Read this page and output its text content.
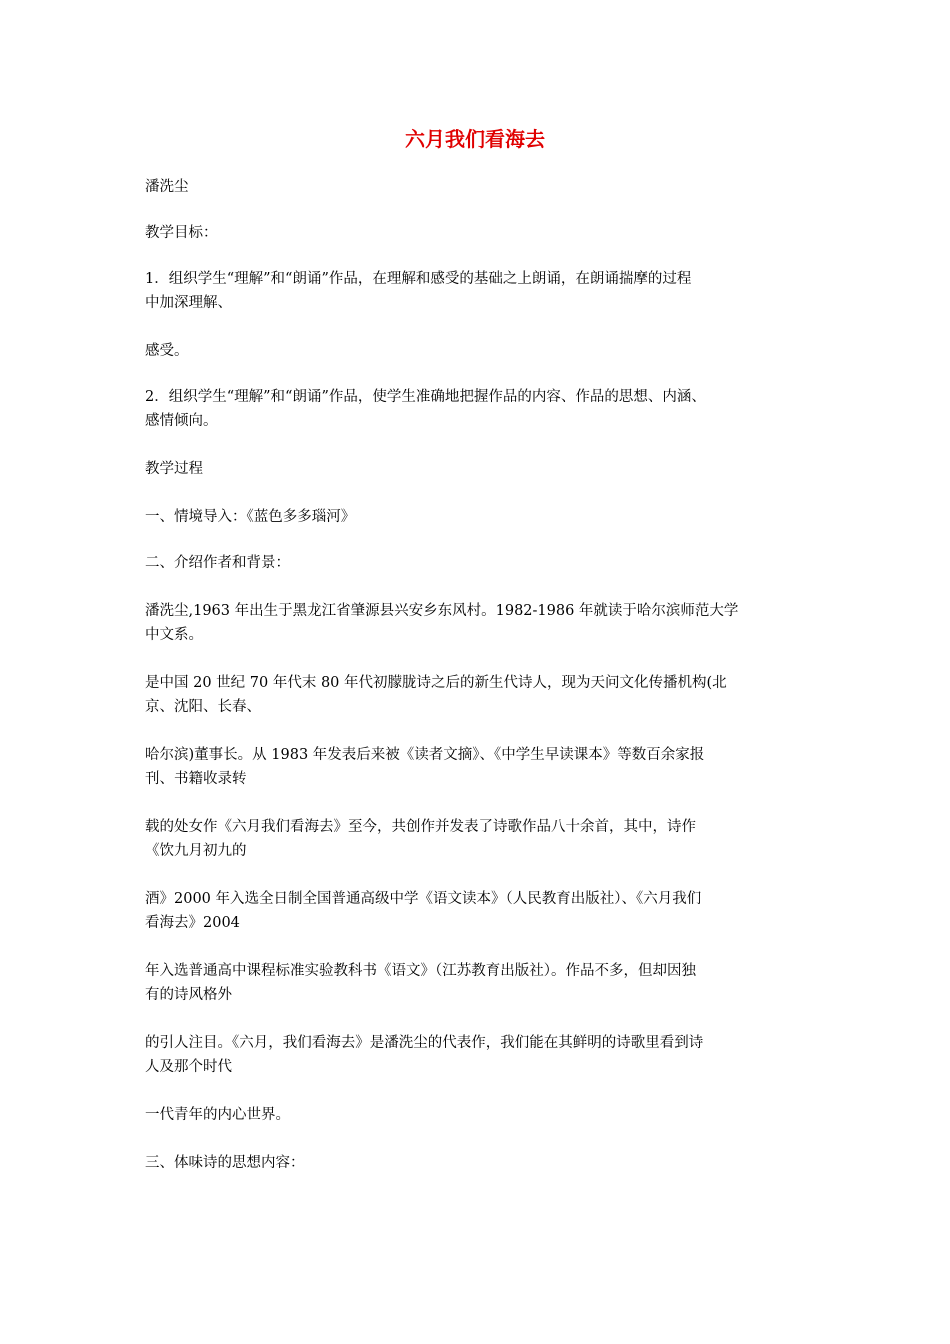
六月我们看海去

潘洗尘

教学目标：

1．组织学生“理解”和“朗诵”作品，在理解和感受的基础之上朗诵，在朗诵揣摩的过程
中加深理解、

感受。

2．组织学生“理解”和“朗诵”作品，使学生准确地把握作品的内容、作品的思想、内涵、
感情倾向。

教学过程

一、情境导入：《蓝色多多瑙河》

二、介绍作者和背景：

潘洗尘,1963 年出生于黑龙江省肇源县兴安乡东风村。1982-1986 年就读于哈尔滨师范大学
中文系。

是中国 20 世纪 70 年代末 80 年代初朦胧诗之后的新生代诗人，现为天问文化传播机构(北
京、沈阳、长春、

哈尔滨)董事长。从 1983 年发表后来被《读者文摘》、《中学生早读课本》等数百余家报
刊、书籍收录转

载的处女作《六月我们看海去》至今，共创作并发表了诗歌作品八十余首，其中，诗作
《饮九月初九的

酒》2000 年入选全日制全国普通高级中学《语文读本》（人民教育出版社）、《六月我们
看海去》2004

年入选普通高中课程标准实验教科书《语文》（江苏教育出版社）。作品不多，但却因独
有的诗风格外

的引人注目。《六月，我们看海去》是潘洗尘的代表作，我们能在其鲜明的诗歌里看到诗
人及那个时代

一代青年的内心世界。

三、体味诗的思想内容：
